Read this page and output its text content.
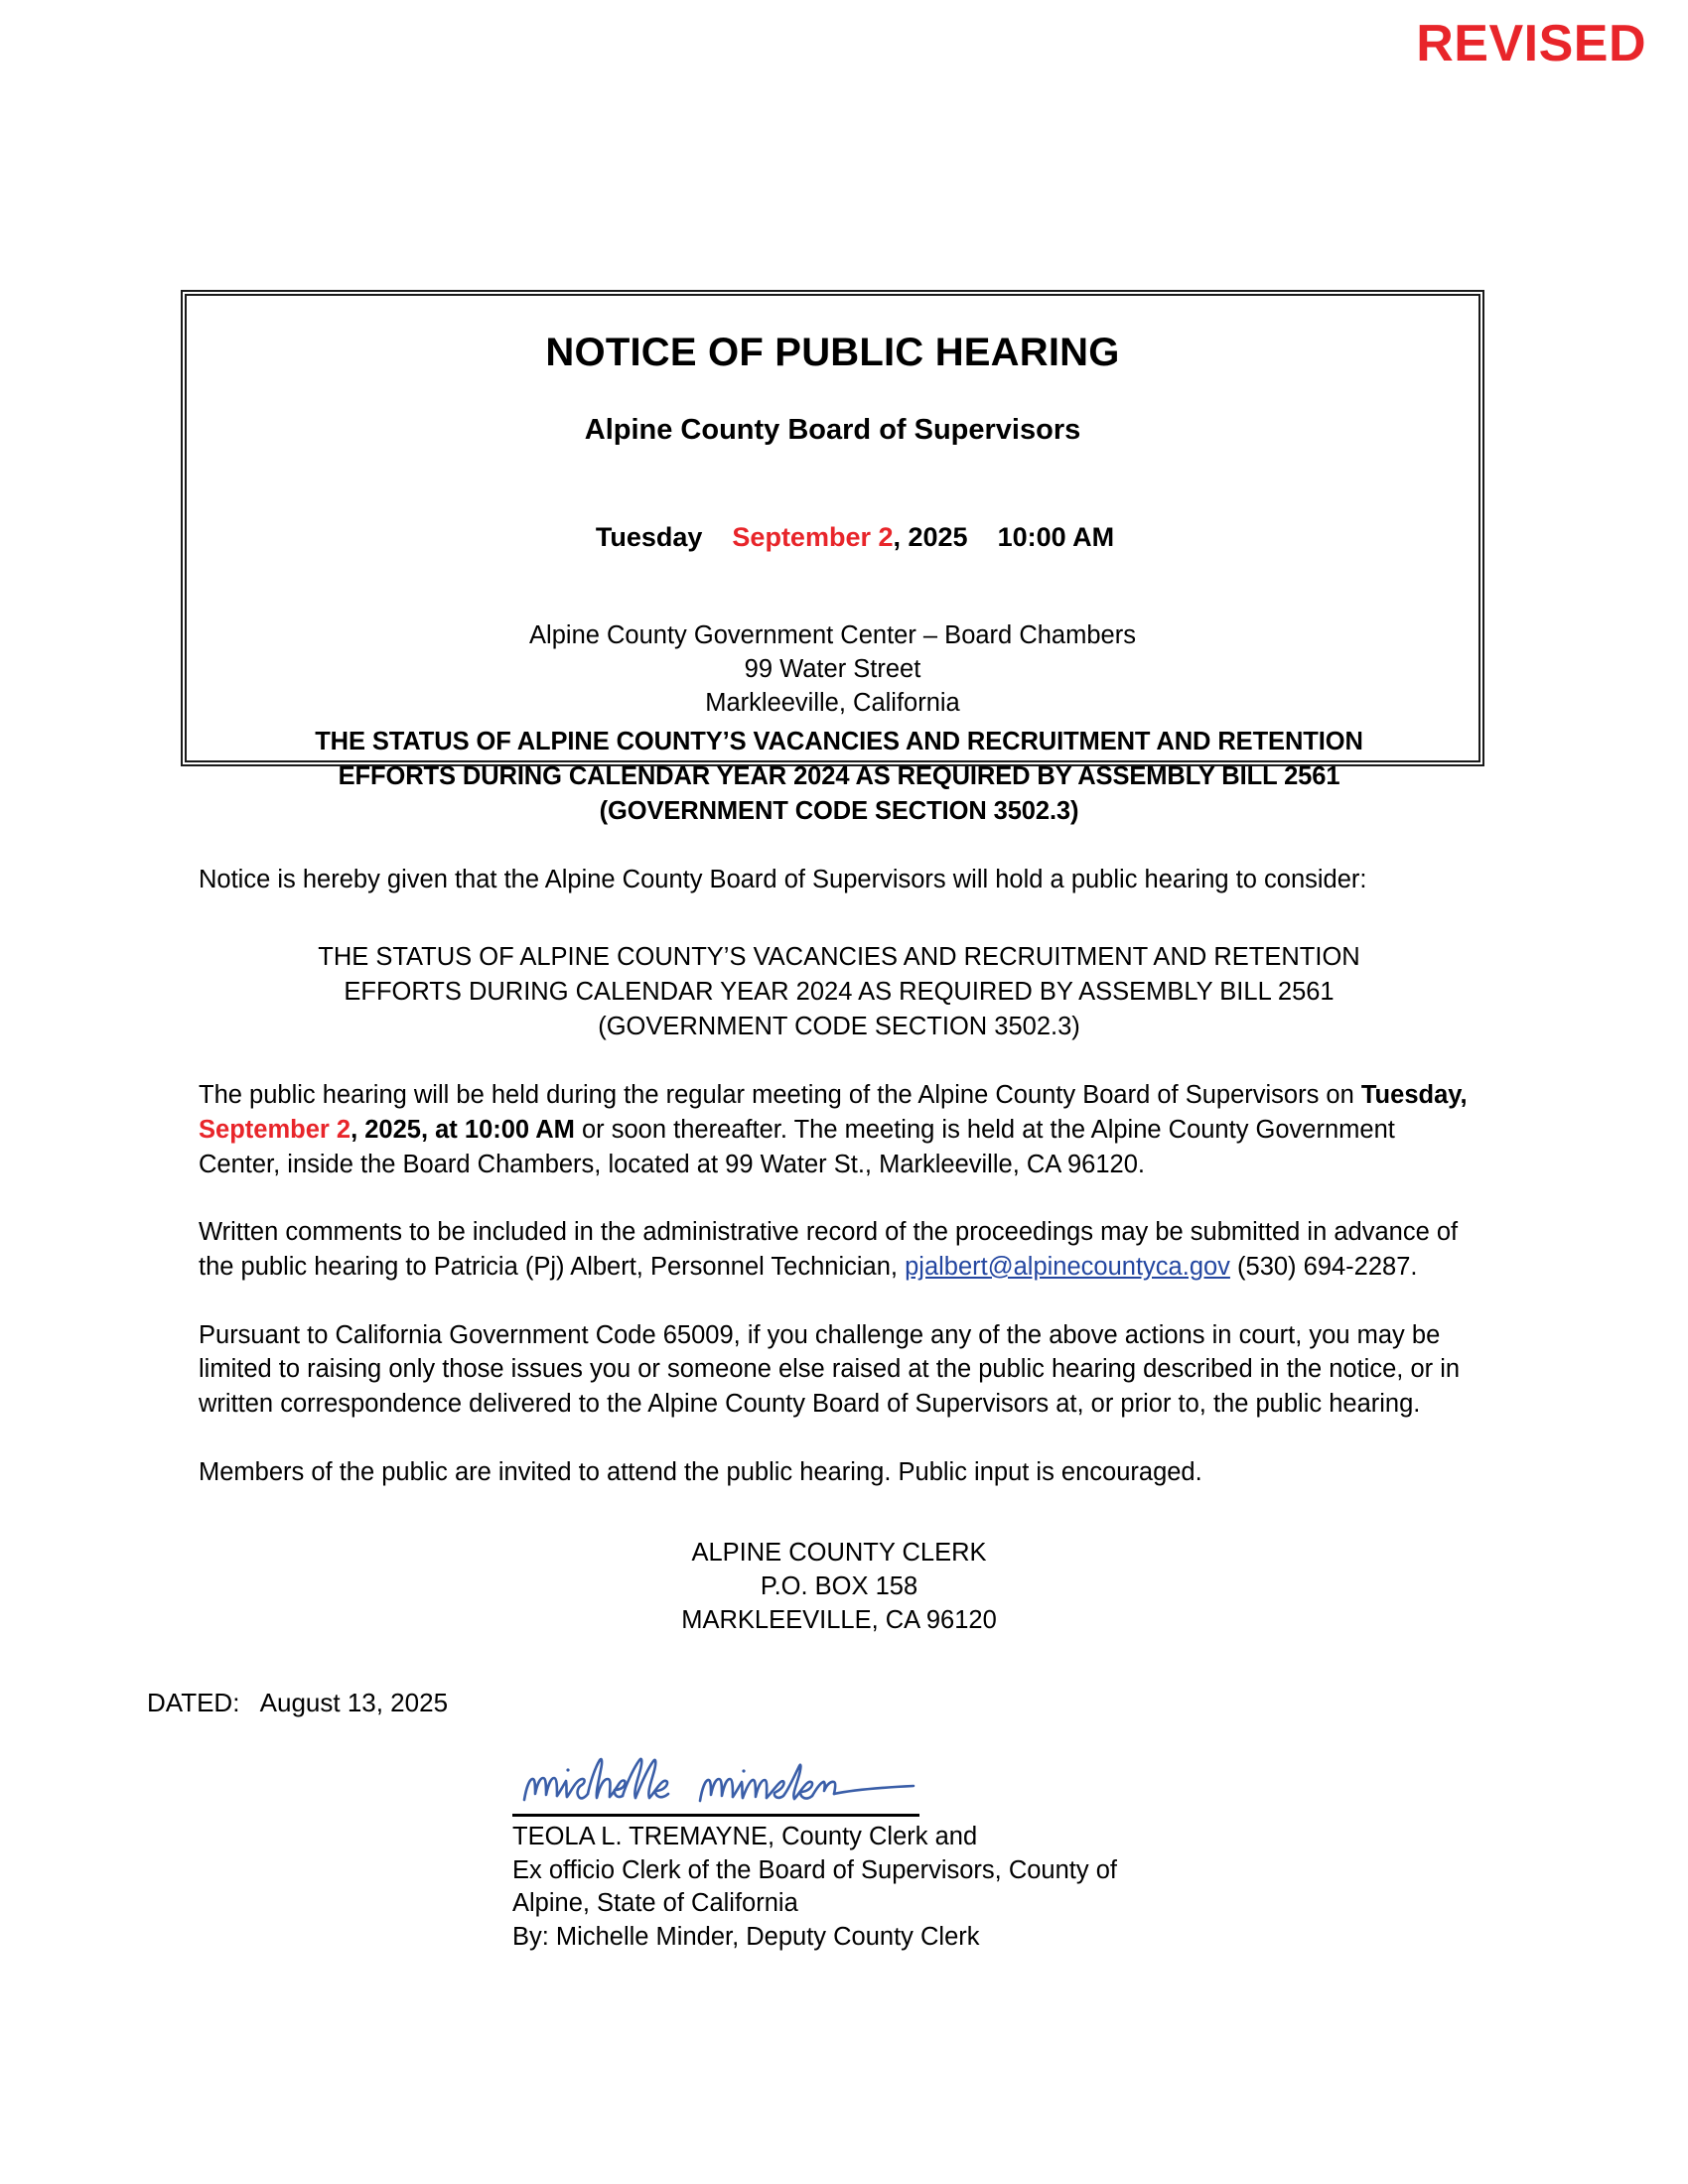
REVISED
NOTICE OF PUBLIC HEARING
Alpine County Board of Supervisors

Tuesday September 2, 2025 10:00 AM

Alpine County Government Center – Board Chambers
99 Water Street
Markleeville, California
THE STATUS OF ALPINE COUNTY’S VACANCIES AND RECRUITMENT AND RETENTION
EFFORTS DURING CALENDAR YEAR 2024 AS REQUIRED BY ASSEMBLY BILL 2561
(GOVERNMENT CODE SECTION 3502.3)

Notice is hereby given that the Alpine County Board of Supervisors will hold a public hearing to consider:

THE STATUS OF ALPINE COUNTY’S VACANCIES AND RECRUITMENT AND RETENTION
EFFORTS DURING CALENDAR YEAR 2024 AS REQUIRED BY ASSEMBLY BILL 2561
(GOVERNMENT CODE SECTION 3502.3)

The public hearing will be held during the regular meeting of the Alpine County Board of Supervisors on Tuesday, September 2, 2025, at 10:00 AM or soon thereafter. The meeting is held at the Alpine County Government Center, inside the Board Chambers, located at 99 Water St., Markleeville, CA 96120.

Written comments to be included in the administrative record of the proceedings may be submitted in advance of the public hearing to Patricia (Pj) Albert, Personnel Technician, pjalbert@alpinecountyca.gov (530) 694-2287.

Pursuant to California Government Code 65009, if you challenge any of the above actions in court, you may be limited to raising only those issues you or someone else raised at the public hearing described in the notice, or in written correspondence delivered to the Alpine County Board of Supervisors at, or prior to, the public hearing.

Members of the public are invited to attend the public hearing. Public input is encouraged.

ALPINE COUNTY CLERK
P.O. BOX 158
MARKLEEVILLE, CA 96120
DATED:   August 13, 2025
TEOLA L. TREMAYNE, County Clerk and
Ex officio Clerk of the Board of Supervisors, County of
Alpine, State of California
By: Michelle Minder, Deputy County Clerk
